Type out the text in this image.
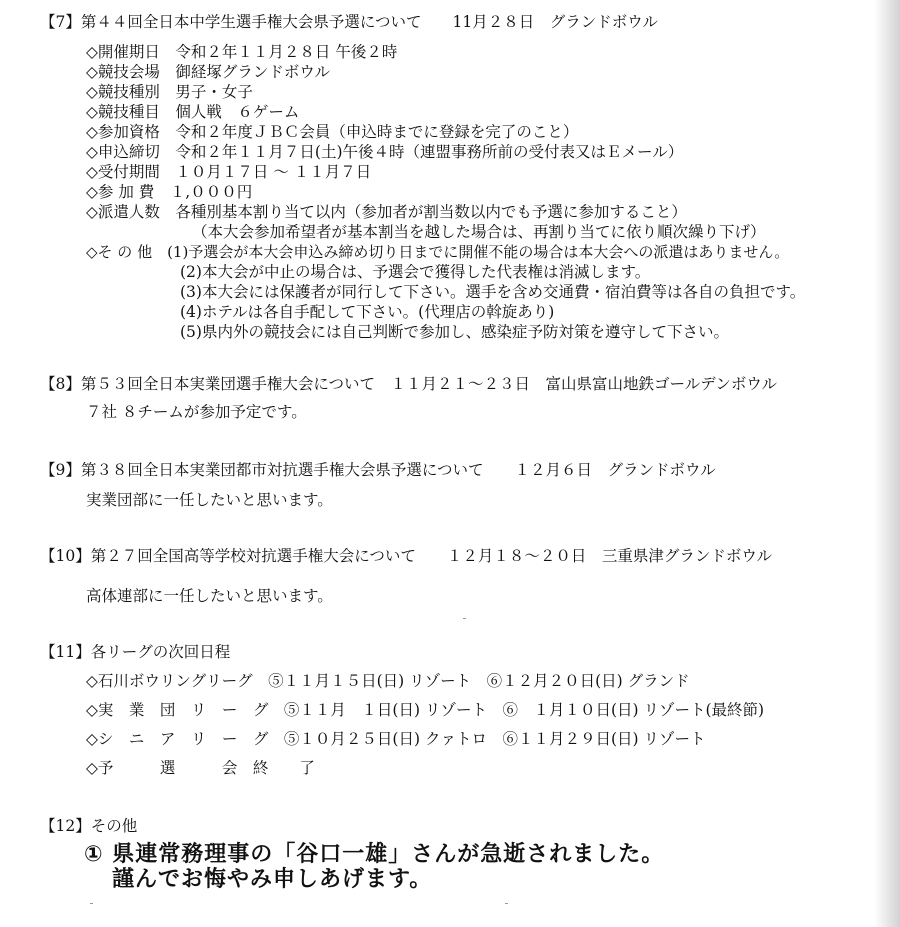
【7】第４４回全日本中学生選手権大会県予選について　　11月２８日　グランドボウル
◇開催期日　令和２年１１月２８日 午後２時
◇競技会場　御経塚グランドボウル
◇競技種別　男子・女子
◇競技種目　個人戦　６ゲーム
◇参加資格　令和２年度ＪＢＣ会員（申込時までに登録を完了のこと）
◇申込締切　令和２年１１月７日(土)午後４時（連盟事務所前の受付表又はＥメール）
◇受付期間　１０月１７日 ～ １１月７日
◇参 加 費　１,０００円
◇派遣人数　各種別基本割り当て以内（参加者が割当数以内でも予選に参加すること）
（本大会参加希望者が基本割当を越した場合は、再割り当てに依り順次繰り下げ）
◇そ の 他　(1)予選会が本大会申込み締め切り日までに開催不能の場合は本大会への派遣はありません。
(2)本大会が中止の場合は、予選会で獲得した代表権は消滅します。
(3)本大会には保護者が同行して下さい。選手を含め交通費・宿泊費等は各自の負担です。
(4)ホテルは各自手配して下さい。(代理店の斡旋あり)
(5)県内外の競技会には自己判断で参加し、感染症予防対策を遵守して下さい。
【8】第５３回全日本実業団選手権大会について　１１月２１～２３日　富山県富山地鉄ゴールデンボウル
７社 ８チームが参加予定です。
【9】第３８回全日本実業団都市対抗選手権大会県予選について　　１２月６日　グランドボウル
実業団部に一任したいと思います。
【10】第２７回全国高等学校対抗選手権大会について　　１２月１８～２０日　三重県津グランドボウル
高体連部に一任したいと思います。
【11】各リーグの次回日程
◇石川ボウリングリーグ　⑤１１月１５日(日) リゾート　⑥１２月２０日(日) グランド
◇実　業　団　リ　ー　グ　⑤１１月　１日(日) リゾート　⑥　１月１０日(日) リゾート(最終節)
◇シ　ニ　ア　リ　ー　グ　⑤１０月２５日(日) クァトロ　⑥１１月２９日(日) リゾート
◇予　　　選　　　会　終　　了
【12】その他
① 県連常務理事の「谷口一雄」さんが急逝されました。
謹んでお悔やみ申しあげます。
